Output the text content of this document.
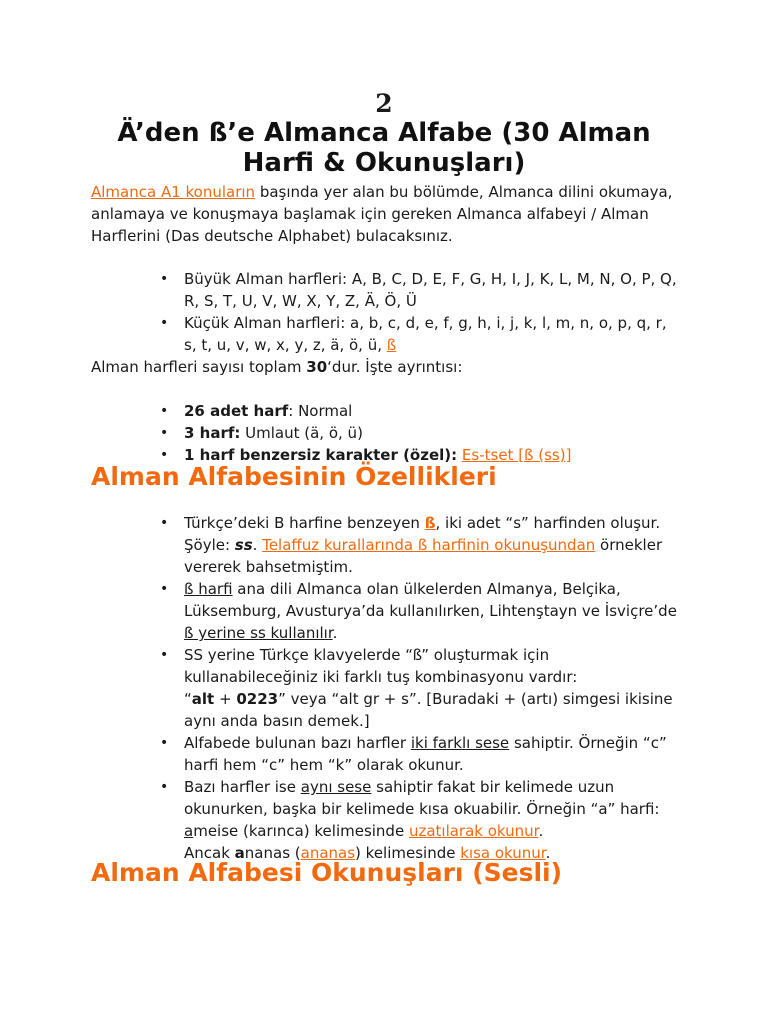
2
Ä’den ß’e Almanca Alfabe (30 Alman Harfi & Okunuşları)

Almanca A1 konuların başında yer alan bu bölümde, Almanca dilini okumaya, anlamaya ve konuşmaya başlamak için gereken Almanca alfabeyi / Alman Harflerini (Das deutsche Alphabet) bulacaksınız.

• Büyük Alman harfleri: A, B, C, D, E, F, G, H, I, J, K, L, M, N, O, P, Q, R, S, T, U, V, W, X, Y, Z, Ä, Ö, Ü
• Küçük Alman harfleri: a, b, c, d, e, f, g, h, i, j, k, l, m, n, o, p, q, r, s, t, u, v, w, x, y, z, ä, ö, ü, ß

Alman harfleri sayısı toplam 30‘dur. İşte ayrıntısı:

• 26 adet harf: Normal
• 3 harf: Umlaut (ä, ö, ü)
• 1 harf benzersiz karakter (özel): Es-tset [ß (ss)]
Alman Alfabesinin Özellikleri
• Türkçe’deki B harfine benzeyen ß, iki adet “s” harfinden oluşur. Şöyle: ss. Telaffuz kurallarında ß harfinin okunuşundan örnekler vererek bahsetmiştim.
• ß harfi ana dili Almanca olan ülkelerden Almanya, Belçika, Lüksemburg, Avusturya’da kullanılırken, Lihtenştayn ve İsviçre’de ß yerine ss kullanılır.
• SS yerine Türkçe klavyelerde “ß” oluşturmak için kullanabileceğiniz iki farklı tuş kombinasyonu vardır:
“alt + 0223” veya “alt gr + s”. [Buradaki + (artı) simgesi ikisine aynı anda basın demek.]
• Alfabede bulunan bazı harfler iki farklı sese sahiptir. Örneğin “c” harfi hem “c” hem “k” olarak okunur.
• Bazı harfler ise aynı sese sahiptir fakat bir kelimede uzun okunurken, başka bir kelimede kısa okuabilir. Örneğin “a” harfi: ameise (karınca) kelimesinde uzatılarak okunur.
Ancak ananas (ananas) kelimesinde kısa okunur.
Alman Alfabesi Okunuşları (Sesli)
